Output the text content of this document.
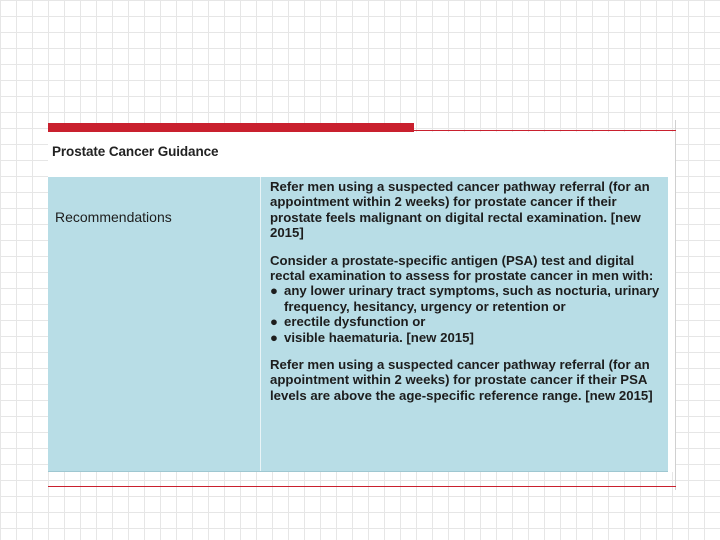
Prostate Cancer Guidance
Recommendations

Refer men using a suspected cancer pathway referral (for an appointment within 2 weeks) for prostate cancer if their prostate feels malignant on digital rectal examination. [new 2015]

Consider a prostate-specific antigen (PSA) test and digital rectal examination to assess for prostate cancer in men with:

● any lower urinary tract symptoms, such as nocturia, urinary frequency, hesitancy, urgency or retention or
● erectile dysfunction or
● visible haematuria. [new 2015]

Refer men using a suspected cancer pathway referral (for an appointment within 2 weeks) for prostate cancer if their PSA levels are above the age-specific reference range. [new 2015]
